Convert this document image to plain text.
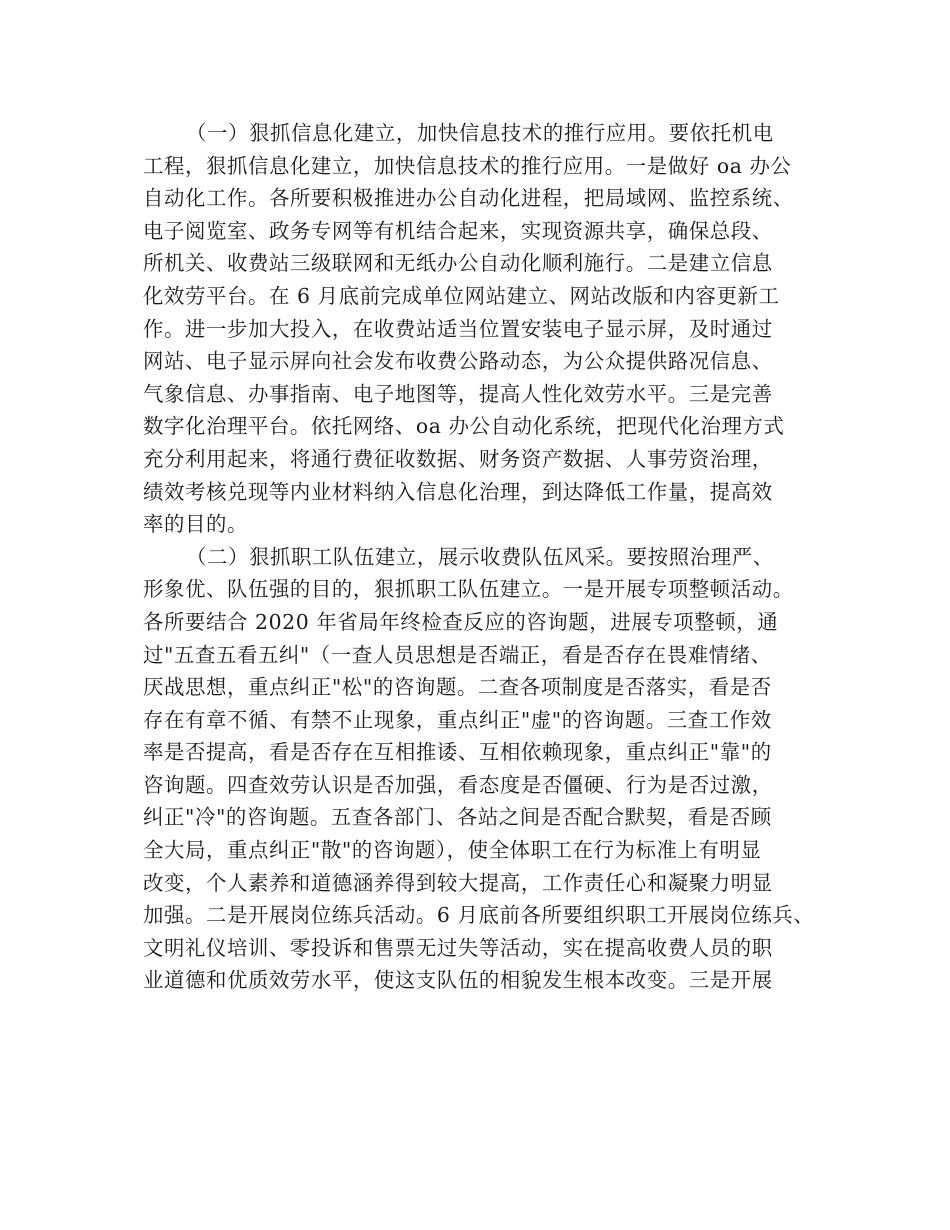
（一）狠抓信息化建立，加快信息技术的推行应用。要依托机电
工程，狠抓信息化建立，加快信息技术的推行应用。一是做好 oa 办公
自动化工作。各所要积极推进办公自动化进程，把局域网、监控系统、
电子阅览室、政务专网等有机结合起来，实现资源共享，确保总段、
所机关、收费站三级联网和无纸办公自动化顺利施行。二是建立信息
化效劳平台。在 6 月底前完成单位网站建立、网站改版和内容更新工
作。进一步加大投入，在收费站适当位置安装电子显示屏，及时通过
网站、电子显示屏向社会发布收费公路动态，为公众提供路况信息、
气象信息、办事指南、电子地图等，提高人性化效劳水平。三是完善
数字化治理平台。依托网络、oa 办公自动化系统，把现代化治理方式
充分利用起来，将通行费征收数据、财务资产数据、人事劳资治理，
绩效考核兑现等内业材料纳入信息化治理，到达降低工作量，提高效
率的目的。
（二）狠抓职工队伍建立，展示收费队伍风采。要按照治理严、
形象优、队伍强的目的，狠抓职工队伍建立。一是开展专项整顿活动。
各所要结合 2020 年省局年终检查反应的咨询题，进展专项整顿，通
过"五查五看五纠"（一查人员思想是否端正，看是否存在畏难情绪、
厌战思想，重点纠正"松"的咨询题。二查各项制度是否落实，看是否
存在有章不循、有禁不止现象，重点纠正"虚"的咨询题。三查工作效
率是否提高，看是否存在互相推诿、互相依赖现象，重点纠正"靠"的
咨询题。四查效劳认识是否加强，看态度是否僵硬、行为是否过激，
纠正"冷"的咨询题。五查各部门、各站之间是否配合默契，看是否顾
全大局，重点纠正"散"的咨询题），使全体职工在行为标准上有明显
改变，个人素养和道德涵养得到较大提高，工作责任心和凝聚力明显
加强。二是开展岗位练兵活动。6 月底前各所要组织职工开展岗位练兵、
文明礼仪培训、零投诉和售票无过失等活动，实在提高收费人员的职
业道德和优质效劳水平，使这支队伍的相貌发生根本改变。三是开展
